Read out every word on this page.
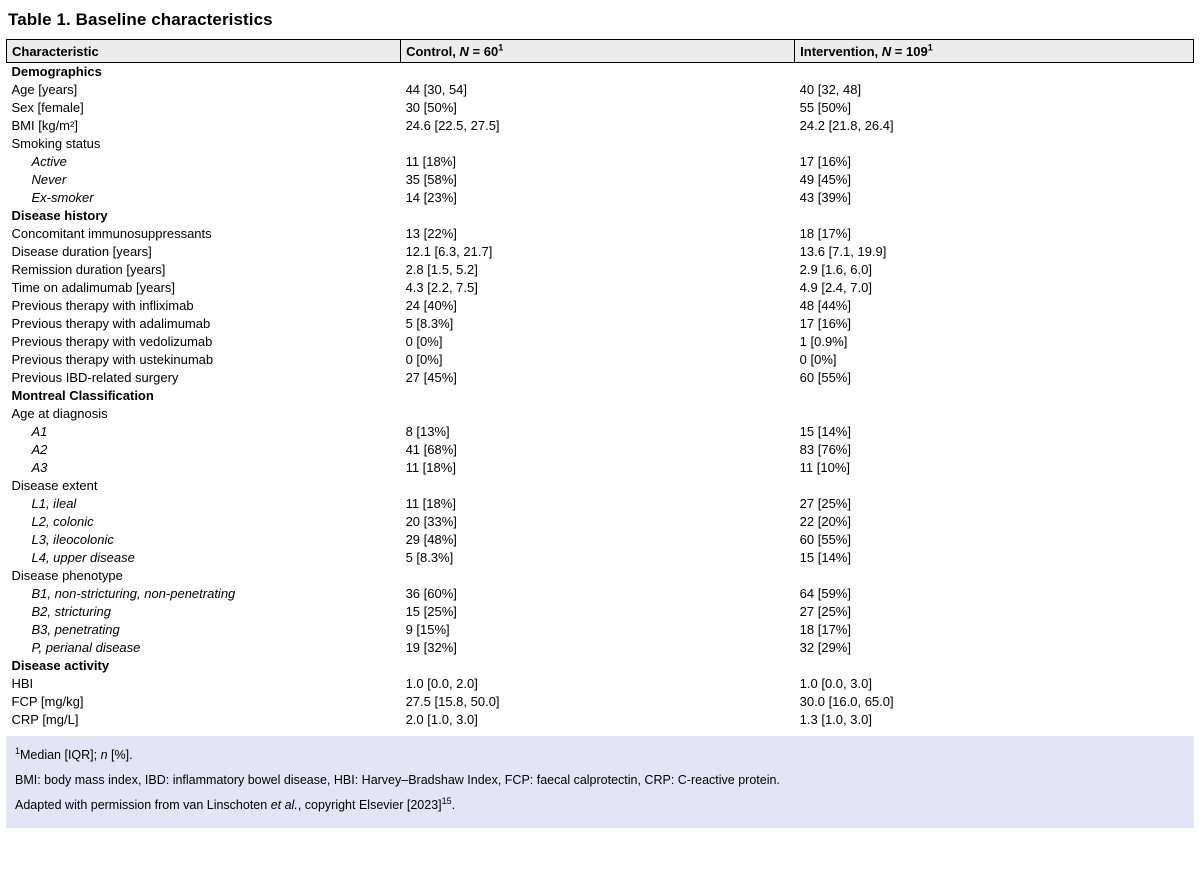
Table 1. Baseline characteristics
Characteristic	Control, $N = 60^1$	Intervention, $N = 109^1$
Demographics		
Age [years]	44 [30, 54]	40 [32, 48]
Sex [female]	30 [50%]	55 [50%]
BMI [kg/m²]	24.6 [22.5, 27.5]	24.2 [21.8, 26.4]
Smoking status		
Active	11 [18%]	17 [16%]
Never	35 [58%]	49 [45%]
Ex-smoker	14 [23%]	43 [39%]
Disease history		
Concomitant immunosuppressants	13 [22%]	18 [17%]
Disease duration [years]	12.1 [6.3, 21.7]	13.6 [7.1, 19.9]
Remission duration [years]	2.8 [1.5, 5.2]	2.9 [1.6, 6.0]
Time on adalimumab [years]	4.3 [2.2, 7.5]	4.9 [2.4, 7.0]
Previous therapy with infliximab	24 [40%]	48 [44%]
Previous therapy with adalimumab	5 [8.3%]	17 [16%]
Previous therapy with vedolizumab	0 [0%]	1 [0.9%]
Previous therapy with ustekinumab	0 [0%]	0 [0%]
Previous IBD-related surgery	27 [45%]	60 [55%]
Montreal Classification		
Age at diagnosis		
A1	8 [13%]	15 [14%]
A2	41 [68%]	83 [76%]
A3	11 [18%]	11 [10%]
Disease extent		
L1, ileal	11 [18%]	27 [25%]
L2, colonic	20 [33%]	22 [20%]
L3, ileocolonic	29 [48%]	60 [55%]
L4, upper disease	5 [8.3%]	15 [14%]
Disease phenotype		
B1, non-stricturing, non-penetrating	36 [60%]	64 [59%]
B2, stricturing	15 [25%]	27 [25%]
B3, penetrating	9 [15%]	18 [17%]
P, perianal disease	19 [32%]	32 [29%]
Disease activity		
HBI	1.0 [0.0, 2.0]	1.0 [0.0, 3.0]
FCP [mg/kg]	27.5 [15.8, 50.0]	30.0 [16.0, 65.0]
CRP [mg/L]	2.0 [1.0, 3.0]	1.3 [1.0, 3.0]
$^1$Median [IQR]; n [%].
BMI: body mass index, IBD: inflammatory bowel disease, HBI: Harvey–Bradshaw Index, FCP: faecal calprotectin, CRP: C-reactive protein.
Adapted with permission from van Linschoten et al., copyright Elsevier $[2023]^{15}$.
